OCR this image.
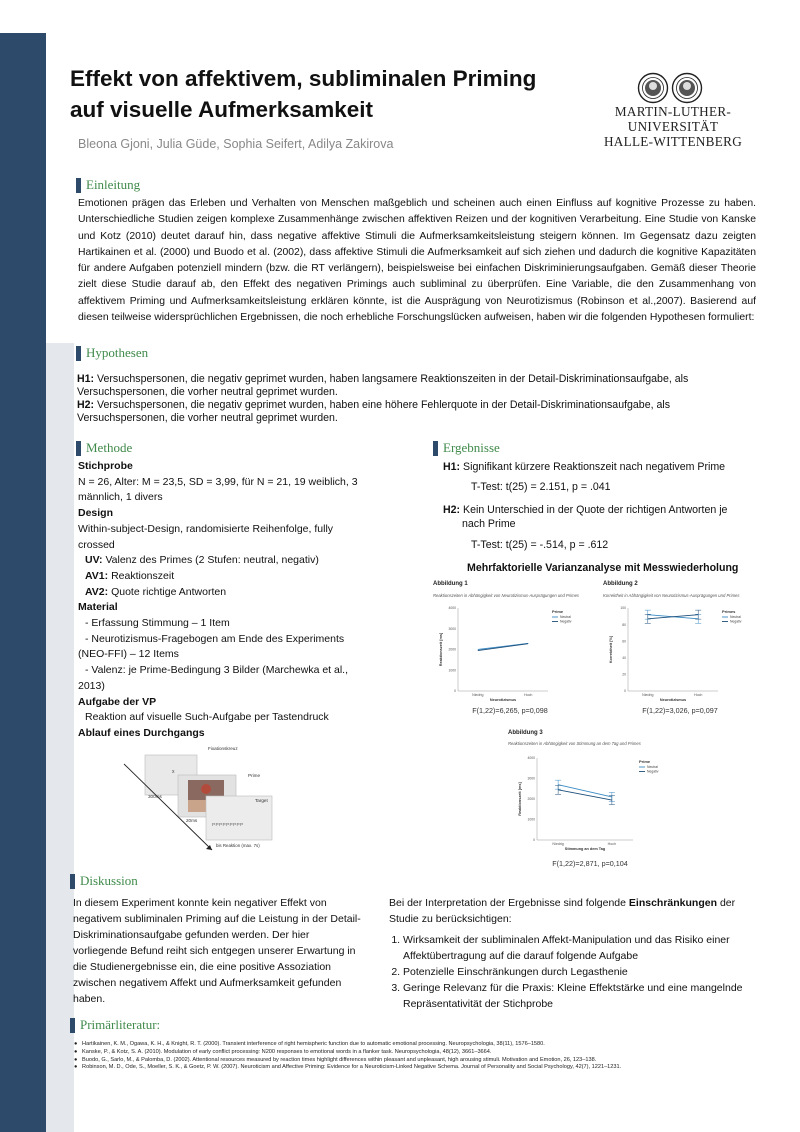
Effekt von affektivem, subliminalen Priming
auf visuelle Aufmerksamkeit
Bleona Gjoni, Julia Güde, Sophia Seifert, Adilya Zakirova
MARTIN-LUTHER-UNIVERSITÄT
HALLE-WITTENBERG
Einleitung
Emotionen prägen das Erleben und Verhalten von Menschen maßgeblich und scheinen auch einen Einfluss auf kognitive Prozesse zu haben. Unterschiedliche Studien zeigen komplexe Zusammenhänge zwischen affektiven Reizen und der kognitiven Verarbeitung. Eine Studie von Kanske und Kotz (2010) deutet darauf hin, dass negative affektive Stimuli die Aufmerksamkeitsleistung steigern können. Im Gegensatz dazu zeigten Hartikainen et al. (2000) und Buodo et al. (2002), dass affektive Stimuli die Aufmerksamkeit auf sich ziehen und dadurch die kognitive Kapazitäten für andere Aufgaben potenziell mindern (bzw. die RT verlängern), beispielsweise bei einfachen Diskriminierungsaufgaben. Gemäß dieser Theorie zielt diese Studie darauf ab, den Effekt des negativen Primings auch subliminal zu überprüfen. Eine Variable, die den Zusammenhang von affektivem Priming und Aufmerksamkeitsleistung erklären könnte, ist die Ausprägung von Neurotizismus (Robinson et al.,2007). Basierend auf diesen teilweise widersprüchlichen Ergebnissen, die noch erhebliche Forschungslücken aufweisen, haben wir die folgenden Hypothesen formuliert:
Hypothesen
H1: Versuchspersonen, die negativ geprimet wurden, haben langsamere Reaktionszeiten in der Detail-Diskriminationsaufgabe, als Versuchspersonen, die vorher neutral geprimet wurden.
H2: Versuchspersonen, die negativ geprimet wurden, haben eine höhere Fehlerquote in der Detail-Diskriminationsaufgabe, als Versuchspersonen, die vorher neutral geprimet wurden.
Methode
Stichprobe
N = 26, Alter: M = 23,5, SD = 3,99, für N = 21, 19 weiblich, 3
männlich, 1 divers
Design
Within-subject-Design, randomisierte Reihenfolge, fully
crossed
UV: Valenz des Primes (2 Stufen: neutral, negativ)
AV1: Reaktionszeit
AV2: Quote richtige Antworten
Material
- Erfassung Stimmung – 1 Item
- Neurotizismus-Fragebogen am Ende des Experiments
(NEO-FFI) – 12 Items
- Valenz: je Prime-Bedingung 3 Bilder (Marchewka et al.,
2013)
Aufgabe der VP
Reaktion auf visuelle Such-Aufgabe per Tastendruck
Ablauf eines Durchgangs
Fixationskreuz
x
Prime
300ms
Target
20ms
PPPPPPPPP
bis Reaktion (max. 7s)
Ergebnisse
H1: Signifikant kürzere Reaktionszeit nach negativem Prime
T-Test: t(25) = 2.151, p = .041
H2: Kein Unterschied in der Quote der richtigen Antworten je
nach Prime
T-Test: t(25) = -.514, p = .612
Mehrfaktorielle Varianzanalyse mit Messwiederholung
Abbildung 1
Reaktionszeiten in Abhängigkeit von Neurotizismus-Ausprägungen und Primes
0
1000
2000
3000
4000
Niedrig	Hoch
Neurotizismus
Reaktionszeit [ms]
Prime
Neutral
Negativ
F(1,22)=6,265, p=0,098
Abbildung 2
Korrektheit in Abhängigkeit von Neurotizismus-Ausprägungen und Primes
0
20
40
60
80
100
Niedrig	Hoch
Neurotizismus
Korrektheit [%]
Primes
Neutral
Negativ
F(1,22)=3,026, p=0,097
Abbildung 3
Reaktionszeiten in Abhängigkeit von Stimmung an dem Tag und Primes
0
1000
2000
3000
4000
Niedrig	Hoch
Stimmung an dem Tag
Reaktionszeit [ms]
Prime
Neutral
Negativ
F(1,22)=2,871, p=0,104
Diskussion
In diesem Experiment konnte kein negativer Effekt von negativem subliminalen Priming auf die Leistung in der Detail-Diskriminationsaufgabe gefunden werden. Der hier vorliegende Befund reiht sich entgegen unserer Erwartung in die Studienergebnisse ein, die eine positive Assoziation zwischen negativem Affekt und Aufmerksamkeit gefunden haben.
Bei der Interpretation der Ergebnisse sind folgende Einschränkungen der Studie zu berücksichtigen:
1. Wirksamkeit der subliminalen Affekt-Manipulation und das Risiko einer Affektübertragung auf die darauf folgende Aufgabe
2. Potenzielle Einschränkungen durch Legasthenie
3. Geringe Relevanz für die Praxis: Kleine Effektstärke und eine mangelnde Repräsentativität der Stichprobe
Primärliteratur:
●   Hartikainen, K. M., Ogawa, K. H., & Knight, R. T. (2000). Transient interference of right hemispheric function due to automatic emotional processing. Neuropsychologia, 38(11), 1576–1580.
●   Kanske, P., & Kotz, S. A. (2010). Modulation of early conflict processing: N200 responses to emotional words in a flanker task. Neuropsychologia, 48(12), 3661–3664.
●   Buodo, G., Sarlo, M., & Palomba, D. (2002). Attentional resources measured by reaction times highlight differences within pleasant and unpleasant, high arousing stimuli. Motivation and Emotion, 26, 123–138.
●   Robinson, M. D., Ode, S., Moeller, S. K., & Goetz, P. W. (2007). Neuroticism and Affective Priming: Evidence for a Neuroticism-Linked Negative Schema. Journal of Personality and Social Psychology, 42(7), 1221–1231.
